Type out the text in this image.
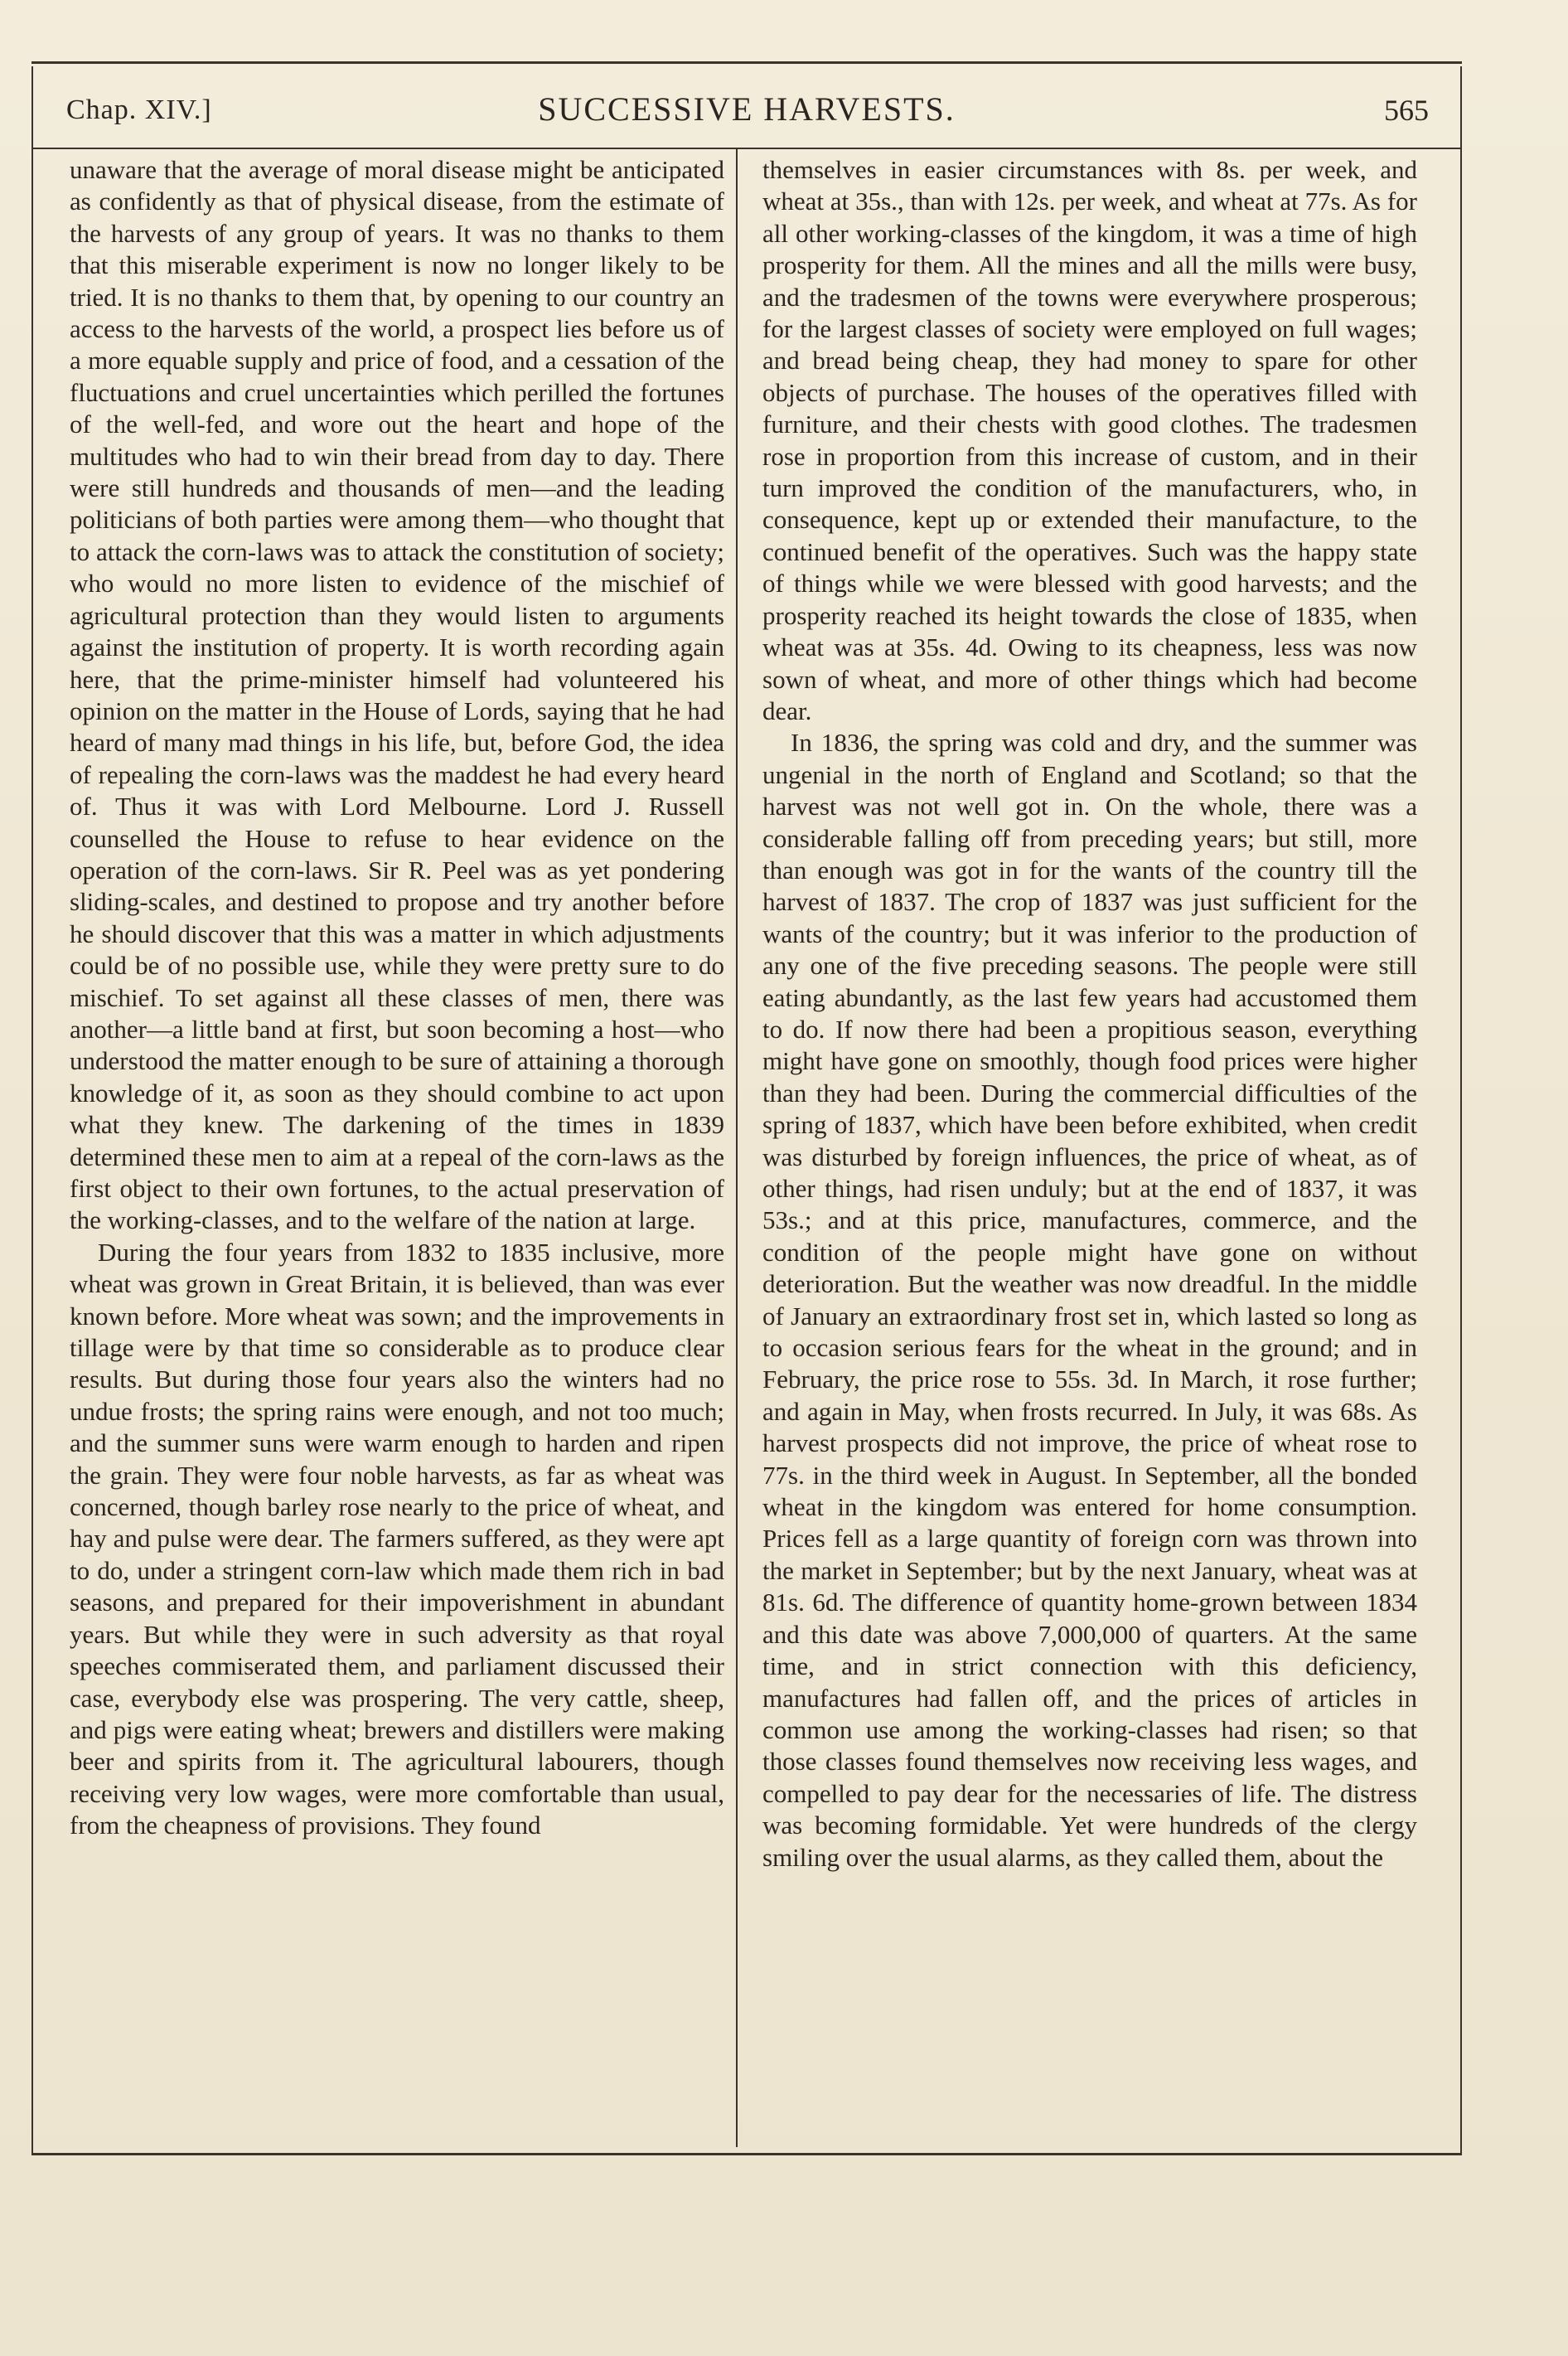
Chap. XIV.]	SUCCESSIVE HARVESTS.	565

unaware that the average of moral disease might be anticipated as confidently as that of physical disease, from the estimate of the harvests of any group of years. It was no thanks to them that this miserable experiment is now no longer likely to be tried. It is no thanks to them that, by opening to our country an access to the harvests of the world, a prospect lies before us of a more equable supply and price of food, and a cessation of the fluctuations and cruel uncertainties which perilled the fortunes of the well-fed, and wore out the heart and hope of the multitudes who had to win their bread from day to day. There were still hundreds and thousands of men—and the leading politicians of both parties were among them—who thought that to attack the corn-laws was to attack the constitution of society; who would no more listen to evidence of the mischief of agricultural protection than they would listen to arguments against the institution of property. It is worth recording again here, that the prime-minister himself had volunteered his opinion on the matter in the House of Lords, saying that he had heard of many mad things in his life, but, before God, the idea of repealing the corn-laws was the maddest he had every heard of. Thus it was with Lord Melbourne. Lord J. Russell counselled the House to refuse to hear evidence on the operation of the corn-laws. Sir R. Peel was as yet pondering sliding-scales, and destined to propose and try another before he should discover that this was a matter in which adjustments could be of no possible use, while they were pretty sure to do mischief. To set against all these classes of men, there was another—a little band at first, but soon becoming a host—who understood the matter enough to be sure of attaining a thorough knowledge of it, as soon as they should combine to act upon what they knew. The darkening of the times in 1839 determined these men to aim at a repeal of the corn-laws as the first object to their own fortunes, to the actual preservation of the working-classes, and to the welfare of the nation at large.

During the four years from 1832 to 1835 inclusive, more wheat was grown in Great Britain, it is believed, than was ever known before. More wheat was sown; and the improvements in tillage were by that time so considerable as to produce clear results. But during those four years also the winters had no undue frosts; the spring rains were enough, and not too much; and the summer suns were warm enough to harden and ripen the grain. They were four noble harvests, as far as wheat was concerned, though barley rose nearly to the price of wheat, and hay and pulse were dear. The farmers suffered, as they were apt to do, under a stringent corn-law which made them rich in bad seasons, and prepared for their impoverishment in abundant years. But while they were in such adversity as that royal speeches commiserated them, and parliament discussed their case, everybody else was prospering. The very cattle, sheep, and pigs were eating wheat; brewers and distillers were making beer and spirits from it. The agricultural labourers, though receiving very low wages, were more comfortable than usual, from the cheapness of provisions. They found

themselves in easier circumstances with 8s. per week, and wheat at 35s., than with 12s. per week, and wheat at 77s. As for all other working-classes of the kingdom, it was a time of high prosperity for them. All the mines and all the mills were busy, and the tradesmen of the towns were everywhere prosperous; for the largest classes of society were employed on full wages; and bread being cheap, they had money to spare for other objects of purchase. The houses of the operatives filled with furniture, and their chests with good clothes. The tradesmen rose in proportion from this increase of custom, and in their turn improved the condition of the manufacturers, who, in consequence, kept up or extended their manufacture, to the continued benefit of the operatives. Such was the happy state of things while we were blessed with good harvests; and the prosperity reached its height towards the close of 1835, when wheat was at 35s. 4d. Owing to its cheapness, less was now sown of wheat, and more of other things which had become dear.

In 1836, the spring was cold and dry, and the summer was ungenial in the north of England and Scotland; so that the harvest was not well got in. On the whole, there was a considerable falling off from preceding years; but still, more than enough was got in for the wants of the country till the harvest of 1837. The crop of 1837 was just sufficient for the wants of the country; but it was inferior to the production of any one of the five preceding seasons. The people were still eating abundantly, as the last few years had accustomed them to do. If now there had been a propitious season, everything might have gone on smoothly, though food prices were higher than they had been. During the commercial difficulties of the spring of 1837, which have been before exhibited, when credit was disturbed by foreign influences, the price of wheat, as of other things, had risen unduly; but at the end of 1837, it was 53s.; and at this price, manufactures, commerce, and the condition of the people might have gone on without deterioration. But the weather was now dreadful. In the middle of January an extraordinary frost set in, which lasted so long as to occasion serious fears for the wheat in the ground; and in February, the price rose to 55s. 3d. In March, it rose further; and again in May, when frosts recurred. In July, it was 68s. As harvest prospects did not improve, the price of wheat rose to 77s. in the third week in August. In September, all the bonded wheat in the kingdom was entered for home consumption. Prices fell as a large quantity of foreign corn was thrown into the market in September; but by the next January, wheat was at 81s. 6d. The difference of quantity home-grown between 1834 and this date was above 7,000,000 of quarters. At the same time, and in strict connection with this deficiency, manufactures had fallen off, and the prices of articles in common use among the working-classes had risen; so that those classes found themselves now receiving less wages, and compelled to pay dear for the necessaries of life. The distress was becoming formidable. Yet were hundreds of the clergy smiling over the usual alarms, as they called them, about the
